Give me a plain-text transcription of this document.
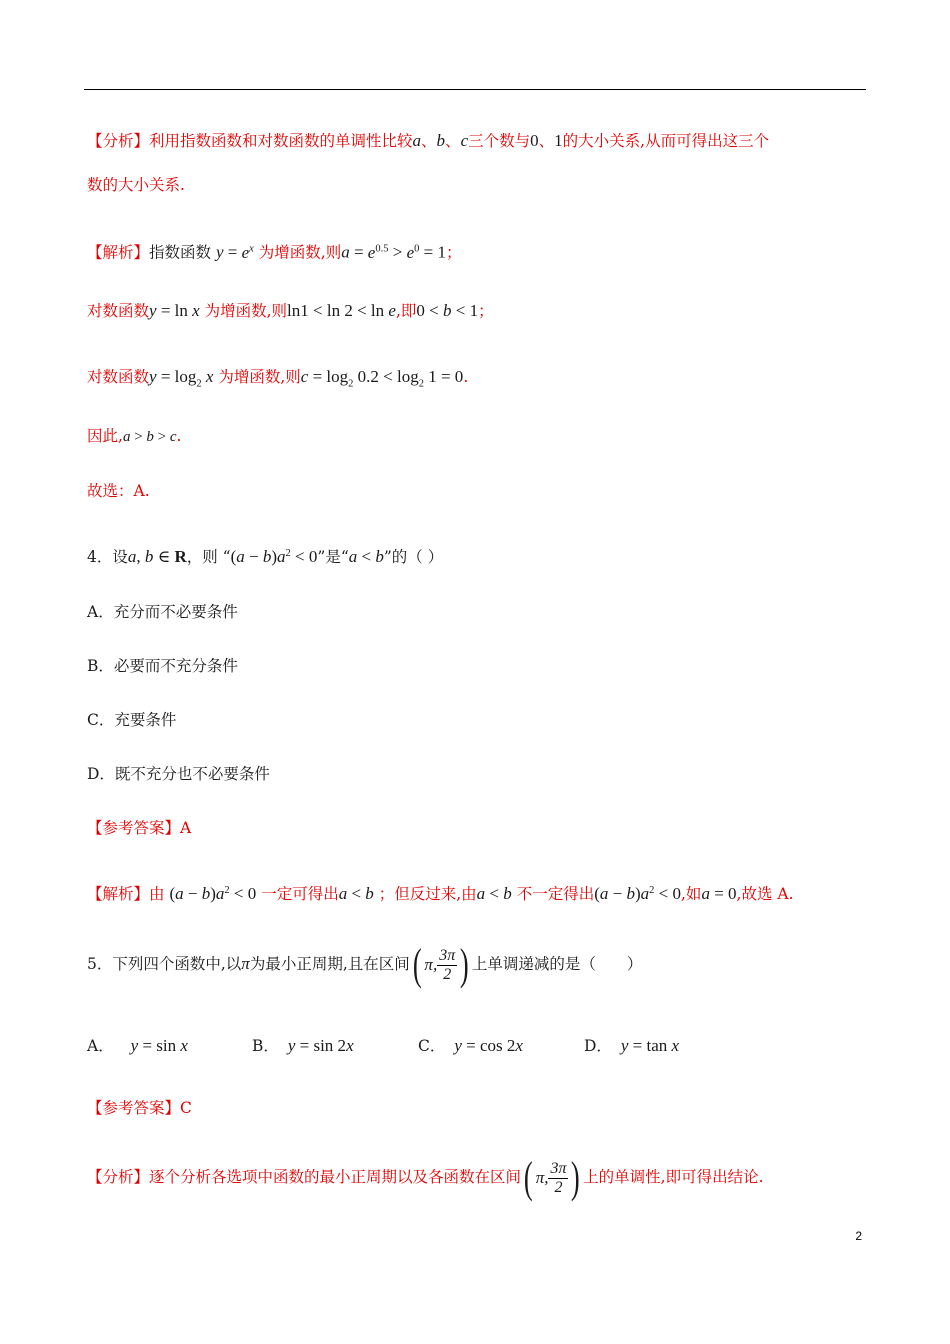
【分析】利用指数函数和对数函数的单调性比较a、b、c三个数与0、1的大小关系,从而可得出这三个
数的大小关系.
【解析】指数函数 $y = e^x$ 为增函数,则$a = e^{0.5} > e^0 = 1$；
对数函数y = ln x 为增函数,则ln1 < ln 2 < ln e,即0 < b < 1；
对数函数$y = \log_2 x$ 为增函数,则$c = \log_2 0.2 < \log_2 1 = 0$.
因此,a > b > c.
故选：A.
4．设a, b ∈ R，则 “$(a - b)a^2 < 0$”是“a < b”的（ ）
A．充分而不必要条件
B．必要而不充分条件
C．充要条件
D．既不充分也不必要条件
【参考答案】A
【解析】由 $(a - b)a^2 < 0$ 一定可得出a < b ；但反过来,由a < b 不一定得出$(a - b)a^2 < 0$,如a = 0,故选 A.
5．下列四个函数中,以π为最小正周期,且在区间 ( π, $\frac{3\pi}{2}$ ) 上单调递减的是（　　）
A． y = sin x	B． y = sin 2x	C． y = cos 2x	D． y = tan x
【参考答案】C
【分析】逐个分析各选项中函数的最小正周期以及各函数在区间 ( π, $\frac{3\pi}{2}$ ) 上的单调性,即可得出结论.
2
